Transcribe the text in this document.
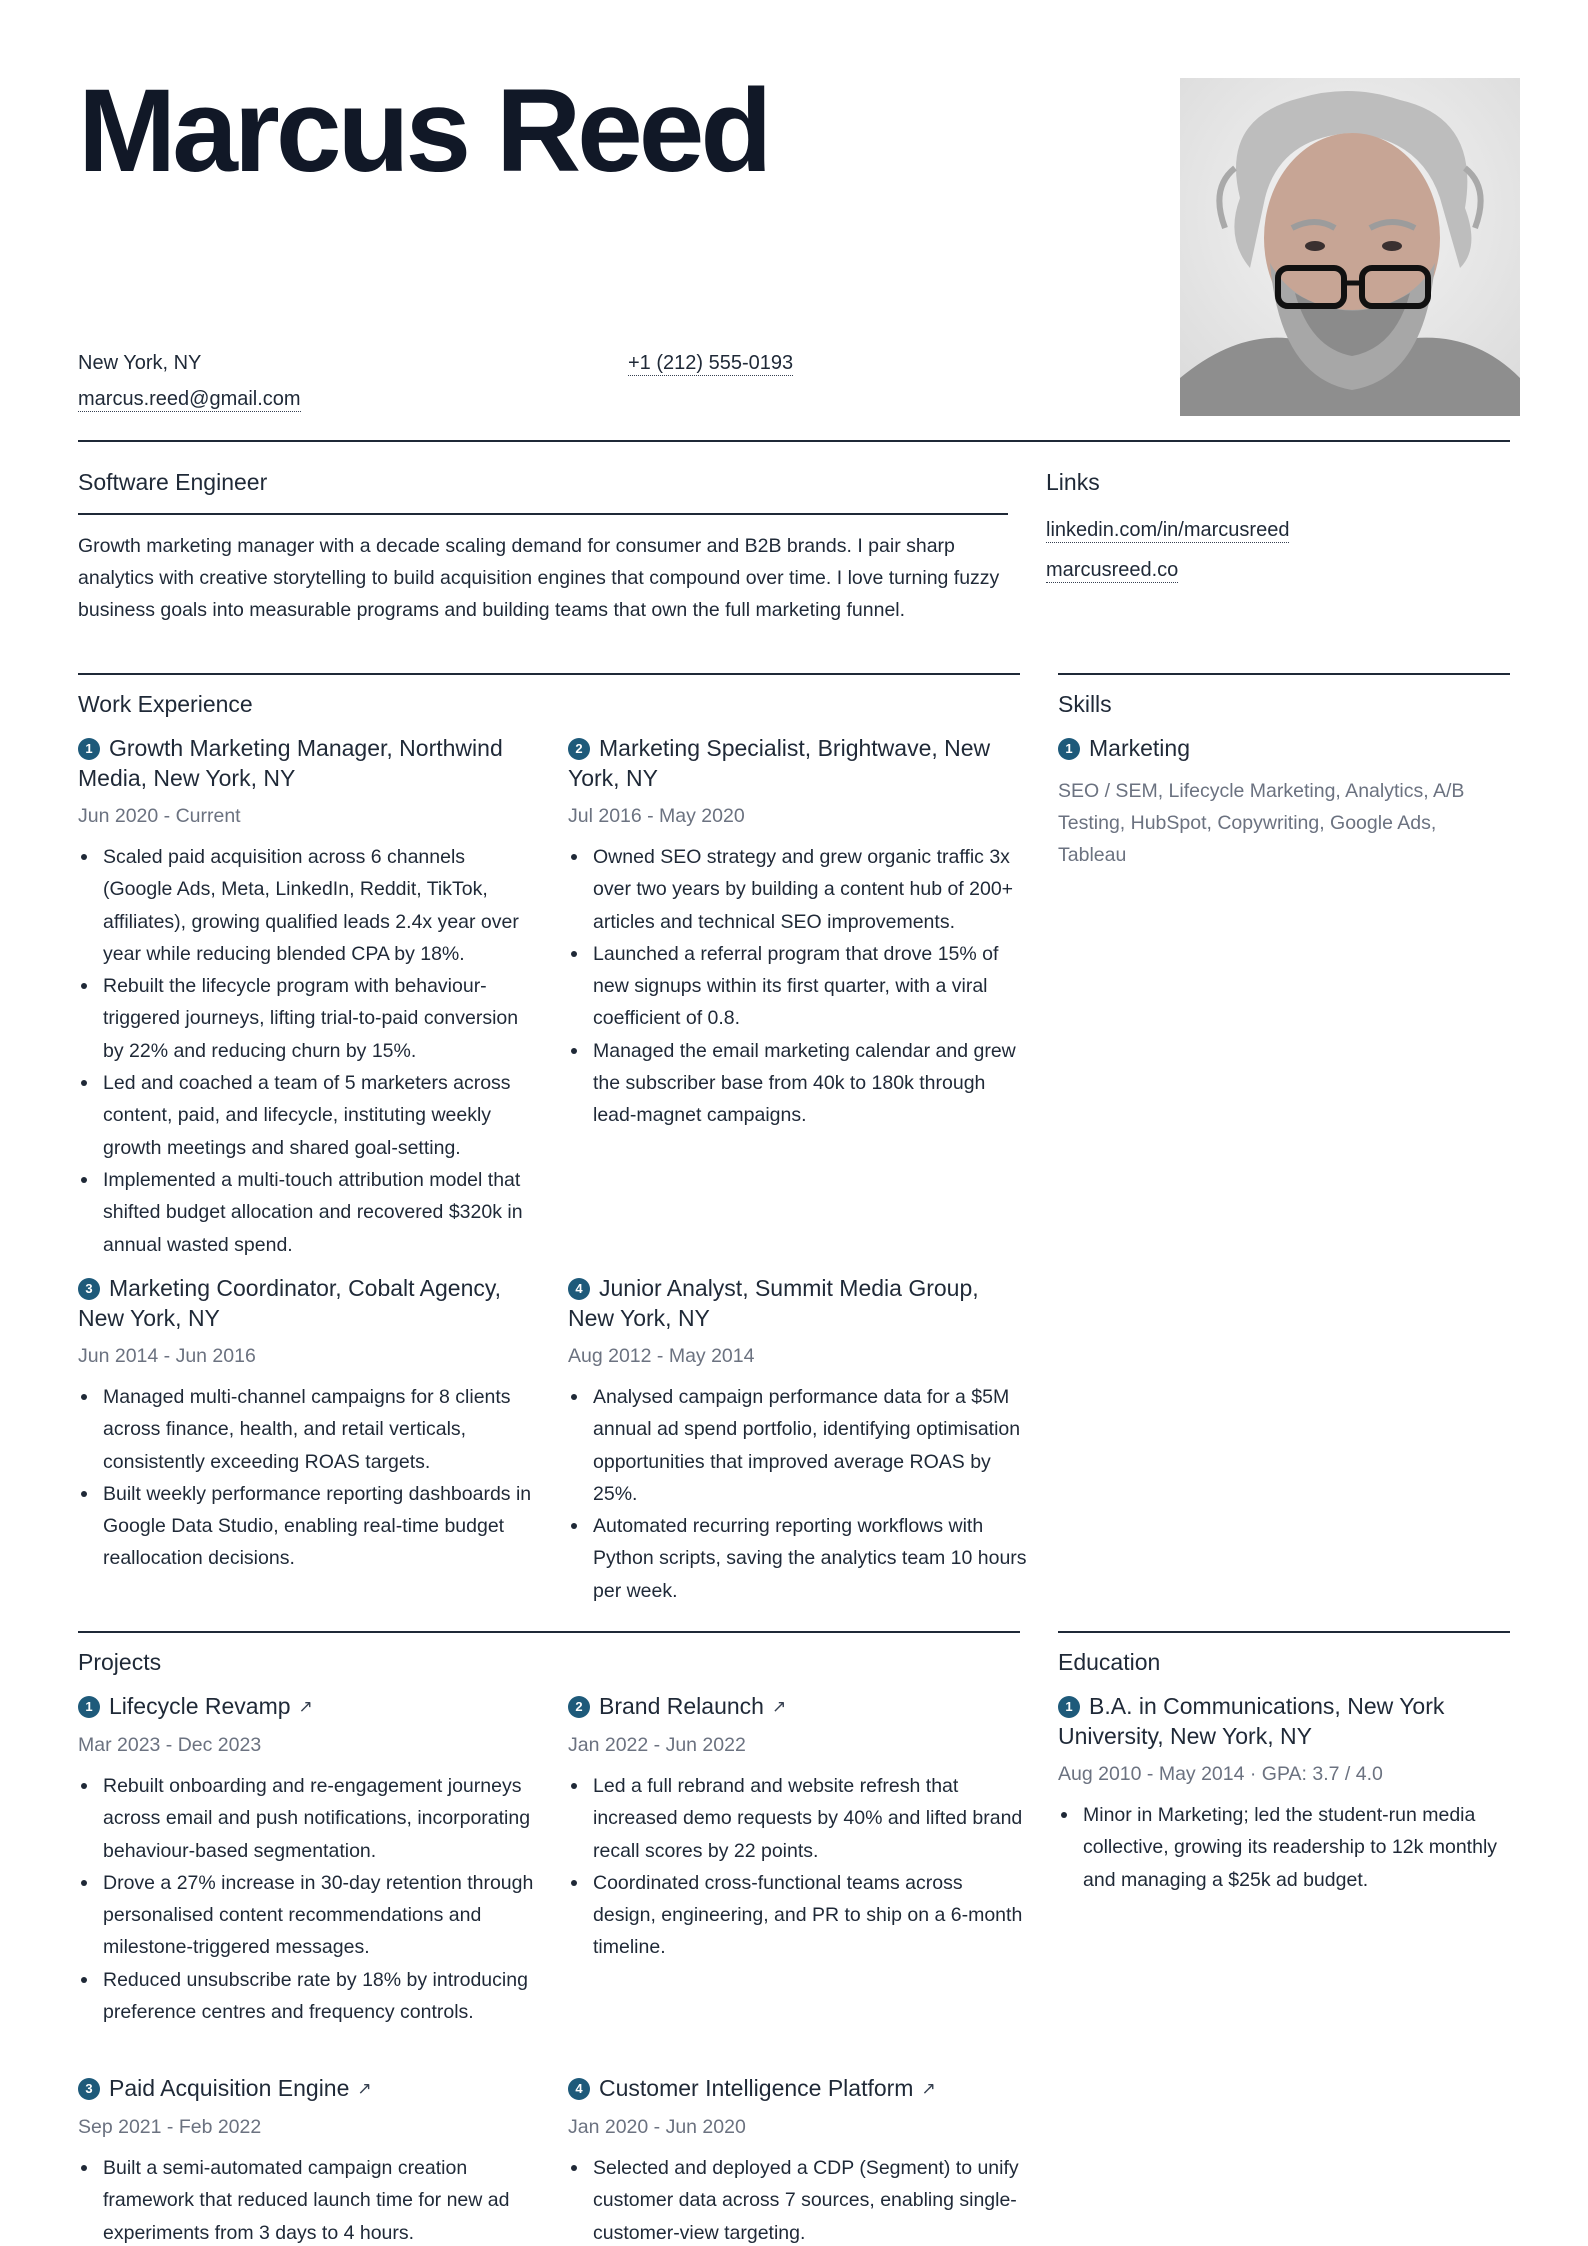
Marcus Reed
New York, NY	+1 (212) 555-0193
marcus.reed@gmail.com
Software Engineer

Growth marketing manager with a decade scaling demand for consumer and B2B brands. I pair sharp analytics with creative storytelling to build acquisition engines that compound over time. I love turning fuzzy business goals into measurable programs and building teams that own the full marketing funnel.

Links
linkedin.com/in/marcusreed
marcusreed.co
Work Experience
1 Growth Marketing Manager, Northwind Media, New York, NY
Jun 2020 - Current
Scaled paid acquisition across 6 channels (Google Ads, Meta, LinkedIn, Reddit, TikTok, affiliates), growing qualified leads 2.4x year over year while reducing blended CPA by 18%.
Rebuilt the lifecycle program with behaviour-triggered journeys, lifting trial-to-paid conversion by 22% and reducing churn by 15%.
Led and coached a team of 5 marketers across content, paid, and lifecycle, instituting weekly growth meetings and shared goal-setting.
Implemented a multi-touch attribution model that shifted budget allocation and recovered $320k in annual wasted spend.
2 Marketing Specialist, Brightwave, New York, NY
Jul 2016 - May 2020
Owned SEO strategy and grew organic traffic 3x over two years by building a content hub of 200+ articles and technical SEO improvements.
Launched a referral program that drove 15% of new signups within its first quarter, with a viral coefficient of 0.8.
Managed the email marketing calendar and grew the subscriber base from 40k to 180k through lead-magnet campaigns.
3 Marketing Coordinator, Cobalt Agency, New York, NY
Jun 2014 - Jun 2016
Managed multi-channel campaigns for 8 clients across finance, health, and retail verticals, consistently exceeding ROAS targets.
Built weekly performance reporting dashboards in Google Data Studio, enabling real-time budget reallocation decisions.
4 Junior Analyst, Summit Media Group, New York, NY
Aug 2012 - May 2014
Analysed campaign performance data for a $5M annual ad spend portfolio, identifying optimisation opportunities that improved average ROAS by 25%.
Automated recurring reporting workflows with Python scripts, saving the analytics team 10 hours per week.
Skills
1 Marketing
SEO / SEM, Lifecycle Marketing, Analytics, A/B Testing, HubSpot, Copywriting, Google Ads, Tableau
Projects
1 Lifecycle Revamp ↗
Mar 2023 - Dec 2023
Rebuilt onboarding and re-engagement journeys across email and push notifications, incorporating behaviour-based segmentation.
Drove a 27% increase in 30-day retention through personalised content recommendations and milestone-triggered messages.
Reduced unsubscribe rate by 18% by introducing preference centres and frequency controls.
2 Brand Relaunch ↗
Jan 2022 - Jun 2022
Led a full rebrand and website refresh that increased demo requests by 40% and lifted brand recall scores by 22 points.
Coordinated cross-functional teams across design, engineering, and PR to ship on a 6-month timeline.
3 Paid Acquisition Engine ↗
Sep 2021 - Feb 2022
Built a semi-automated campaign creation framework that reduced launch time for new ad experiments from 3 days to 4 hours.
4 Customer Intelligence Platform ↗
Jan 2020 - Jun 2020
Selected and deployed a CDP (Segment) to unify customer data across 7 sources, enabling single-customer-view targeting.
Education
1 B.A. in Communications, New York University, New York, NY
Aug 2010 - May 2014 · GPA: 3.7 / 4.0
Minor in Marketing; led the student-run media collective, growing its readership to 12k monthly and managing a $25k ad budget.
